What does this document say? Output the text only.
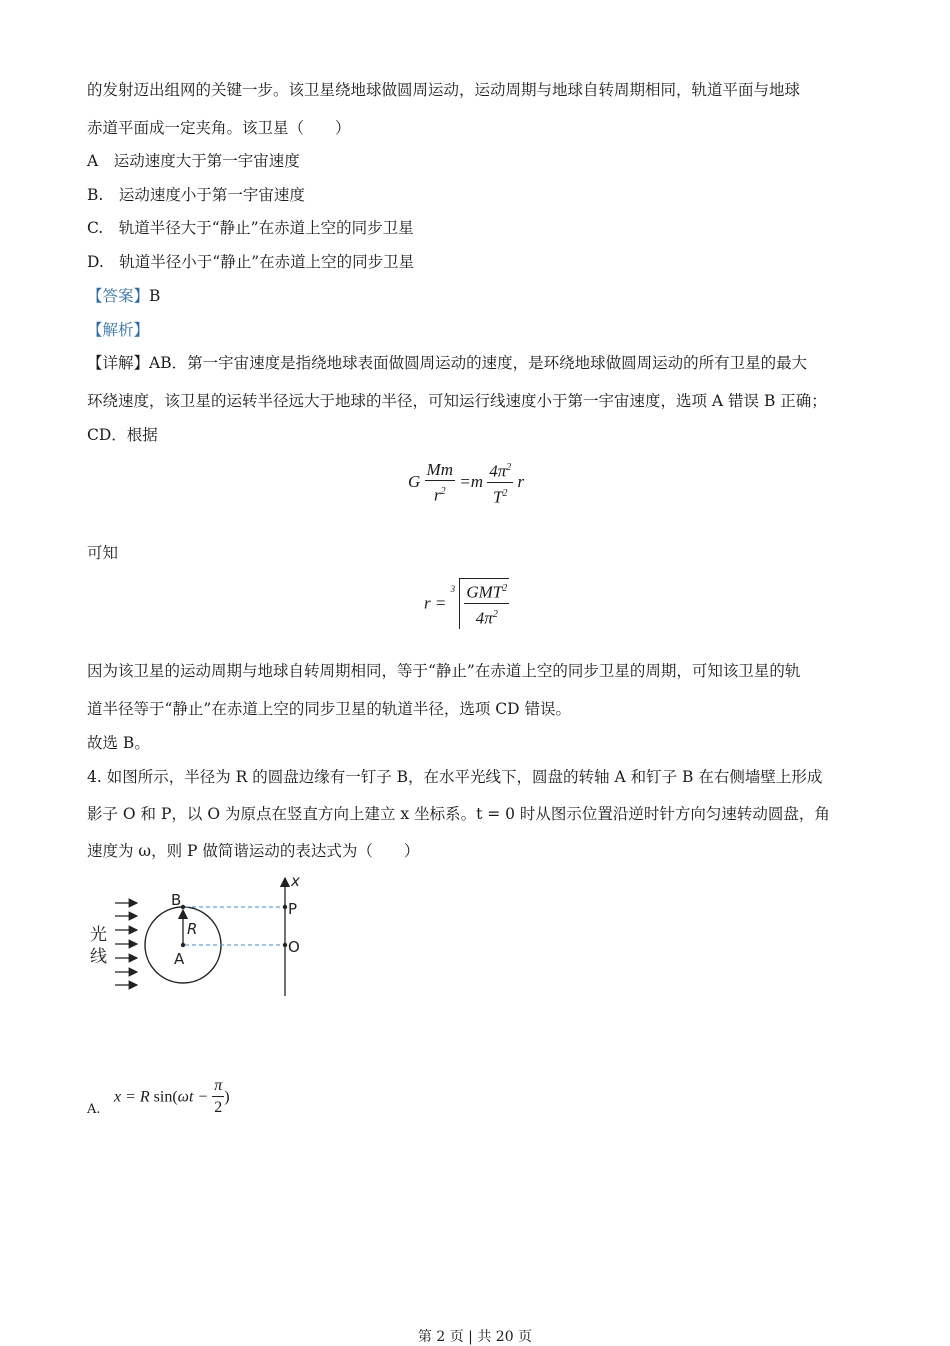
的发射迈出组网的关键一步。该卫星绕地球做圆周运动，运动周期与地球自转周期相同，轨道平面与地球
赤道平面成一定夹角。该卫星（　　）
A　运动速度大于第一宇宙速度
B.　运动速度小于第一宇宙速度
C.　轨道半径大于“静止”在赤道上空的同步卫星
D.　轨道半径小于“静止”在赤道上空的同步卫星
【答案】B
【解析】
【详解】AB．第一宇宙速度是指绕地球表面做圆周运动的速度，是环绕地球做圆周运动的所有卫星的最大
环绕速度，该卫星的运转半径远大于地球的半径，可知运行线速度小于第一宇宙速度，选项 A 错误 B 正确；
CD．根据
G $\frac{Mm}{r^2} =m \frac{4\pi^2}{T^2}$ r
可知
$r = ^3 \frac{GMT^2}{4\pi^2}$
因为该卫星的运动周期与地球自转周期相同，等于“静止”在赤道上空的同步卫星的周期，可知该卫星的轨
道半径等于“静止”在赤道上空的同步卫星的轨道半径，选项 CD 错误。
故选 B。
4. 如图所示，半径为 R 的圆盘边缘有一钉子 B，在水平光线下，圆盘的转轴 A 和钉子 B 在右侧墙壁上形成
影子 O 和 P，以 O 为原点在竖直方向上建立 x 坐标系。t = 0 时从图示位置沿逆时针方向匀速转动圆盘，角
速度为 ω，则 P 做简谐运动的表达式为（　　）
光
线
B
A
R
x
P
O
A.
x = R $\sin(\omega t - \frac{\pi}{2}$ )
第 2 页 | 共 20 页
